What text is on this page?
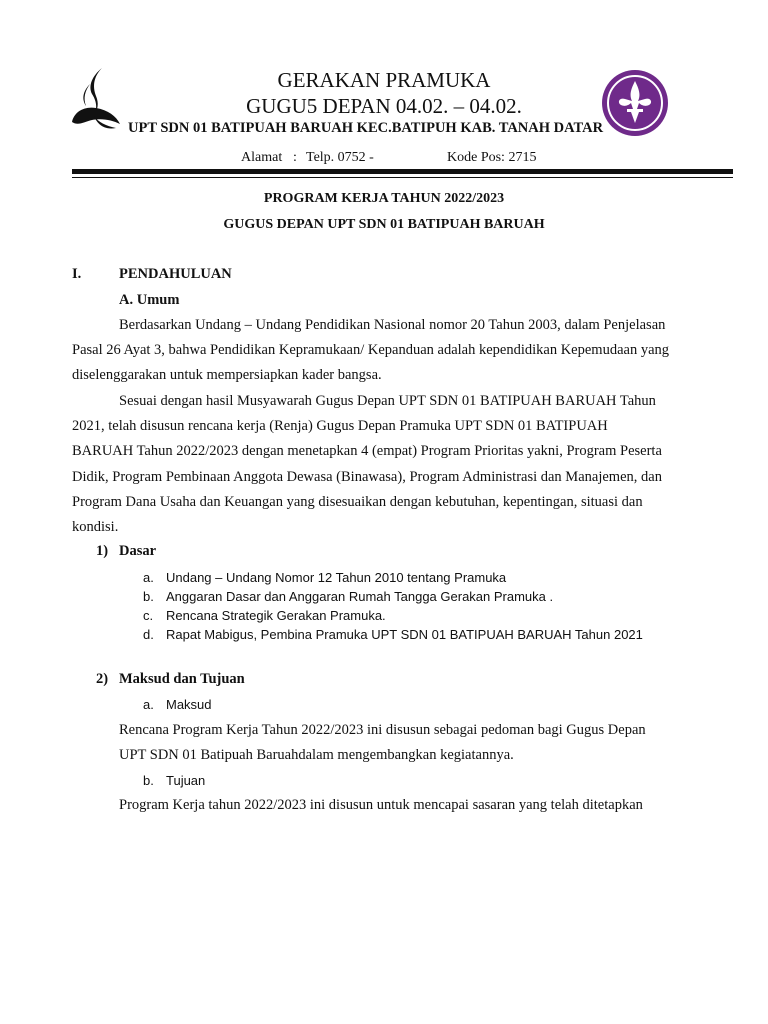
GERAKAN PRAMUKA
GUGU5 DEPAN 04.02. – 04.02.
UPT SDN 01 BATIPUAH BARUAH KEC.BATIPUH KAB. TANAH DATAR
Alamat : Telp. 0752 -	Kode Pos: 2715
PROGRAM KERJA TAHUN 2022/2023
GUGUS DEPAN UPT SDN 01 BATIPUAH BARUAH
I.	PENDAHULUAN
A. Umum
Berdasarkan Undang – Undang Pendidikan Nasional nomor 20 Tahun 2003, dalam Penjelasan
Pasal 26 Ayat 3, bahwa Pendidikan Kepramukaan/ Kepanduan adalah kependidikan Kepemudaan yang
diselenggarakan untuk mempersiapkan kader bangsa.
Sesuai dengan hasil Musyawarah Gugus Depan UPT SDN 01 BATIPUAH BARUAH Tahun
2021, telah disusun rencana kerja (Renja) Gugus Depan Pramuka UPT SDN 01 BATIPUAH
BARUAH Tahun 2022/2023 dengan menetapkan 4 (empat) Program Prioritas yakni, Program Peserta
Didik, Program Pembinaan Anggota Dewasa (Binawasa), Program Administrasi dan Manajemen, dan
Program Dana Usaha dan Keuangan yang disesuaikan dengan kebutuhan, kepentingan, situasi dan
kondisi.
1) Dasar
a. Undang – Undang Nomor 12 Tahun 2010 tentang Pramuka
b. Anggaran Dasar dan Anggaran Rumah Tangga Gerakan Pramuka .
c. Rencana Strategik Gerakan Pramuka.
d. Rapat Mabigus, Pembina Pramuka UPT SDN 01 BATIPUAH BARUAH Tahun 2021
2) Maksud dan Tujuan
a. Maksud
Rencana Program Kerja Tahun 2022/2023 ini disusun sebagai pedoman bagi Gugus Depan
UPT SDN 01 Batipuah Baruahdalam mengembangkan kegiatannya.
b. Tujuan
Program Kerja tahun 2022/2023 ini disusun untuk mencapai sasaran yang telah ditetapkan
